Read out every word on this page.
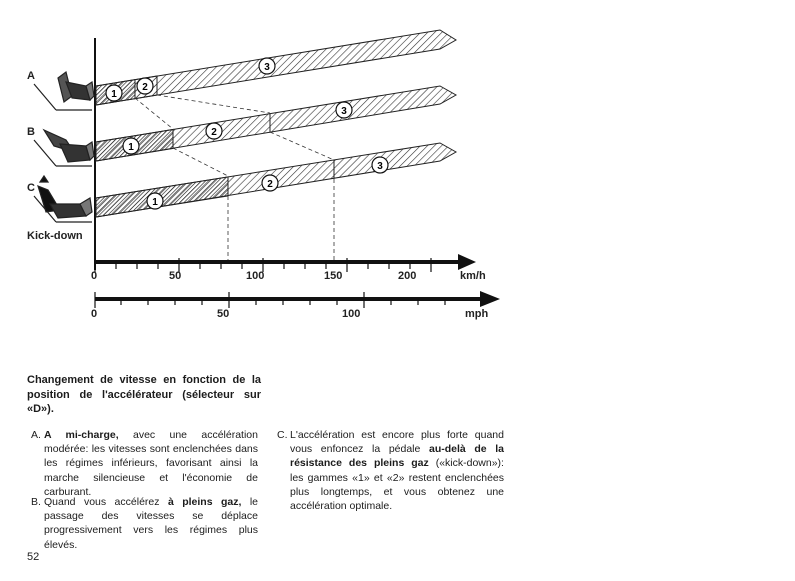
1
2
3
1
2
3
1
2
3
A
B
C
Kick-down
0	50	100	150	200	km/h
0	50	100	mph
Changement de vitesse en fonction de la position de l'accélérateur (sélecteur sur «D»).
A. A mi-charge, avec une accélération modérée: les vitesses sont enclenchées dans les régimes inférieurs, favorisant ainsi la marche silencieuse et l'économie de carburant.
B. Quand vous accélérez à pleins gaz, le passage des vitesses se déplace progressivement vers les régimes plus élevés.
C. L'accélération est encore plus forte quand vous enfoncez la pédale au-delà de la résistance des pleins gaz («kick-down»): les gammes «1» et «2» restent enclenchées plus longtemps, et vous obtenez une accélération optimale.
52
